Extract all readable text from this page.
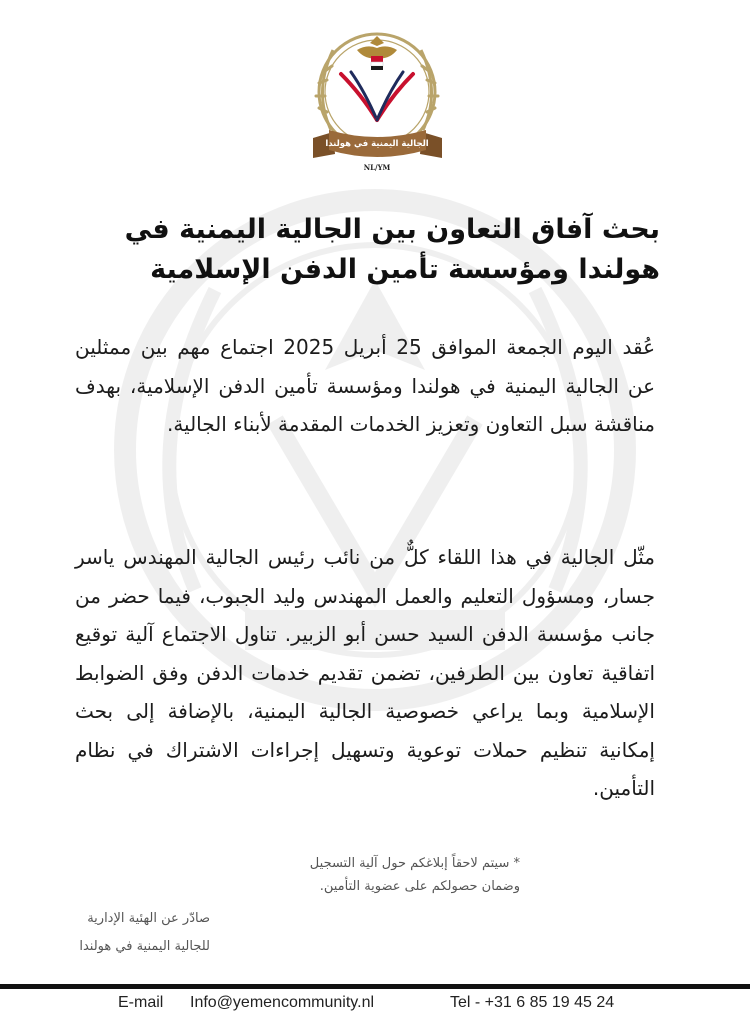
الجالية اليمنية في هولندا
NL/YM
بحث آفاق التعاون بين الجالية اليمنية في هولندا ومؤسسة تأمين الدفن الإسلامية
عُقد اليوم الجمعة الموافق 25 أبريل 2025 اجتماع مهم بين ممثلين عن الجالية اليمنية في هولندا ومؤسسة تأمين الدفن الإسلامية، بهدف مناقشة سبل التعاون وتعزيز الخدمات المقدمة لأبناء الجالية.
مثّل الجالية في هذا اللقاء كلٌّ من نائب رئيس الجالية المهندس ياسر جسار، ومسؤول التعليم والعمل المهندس وليد الجبوب، فيما حضر من جانب مؤسسة الدفن السيد حسن أبو الزبير. تناول الاجتماع آلية توقيع اتفاقية تعاون بين الطرفين، تضمن تقديم خدمات الدفن وفق الضوابط الإسلامية وبما يراعي خصوصية الجالية اليمنية، بالإضافة إلى بحث إمكانية تنظيم حملات توعوية وتسهيل إجراءات الاشتراك في نظام التأمين.
* سيتم لاحقاً إبلاغكم حول آلية التسجيل
وضمان حصولكم على عضوية التأمين.
صادّر عن الهئية الإدارية
للجالية اليمنية في هولندا
E-mail Info@yemencommunity.nl	Tel - +31 6 85 19 45 24
